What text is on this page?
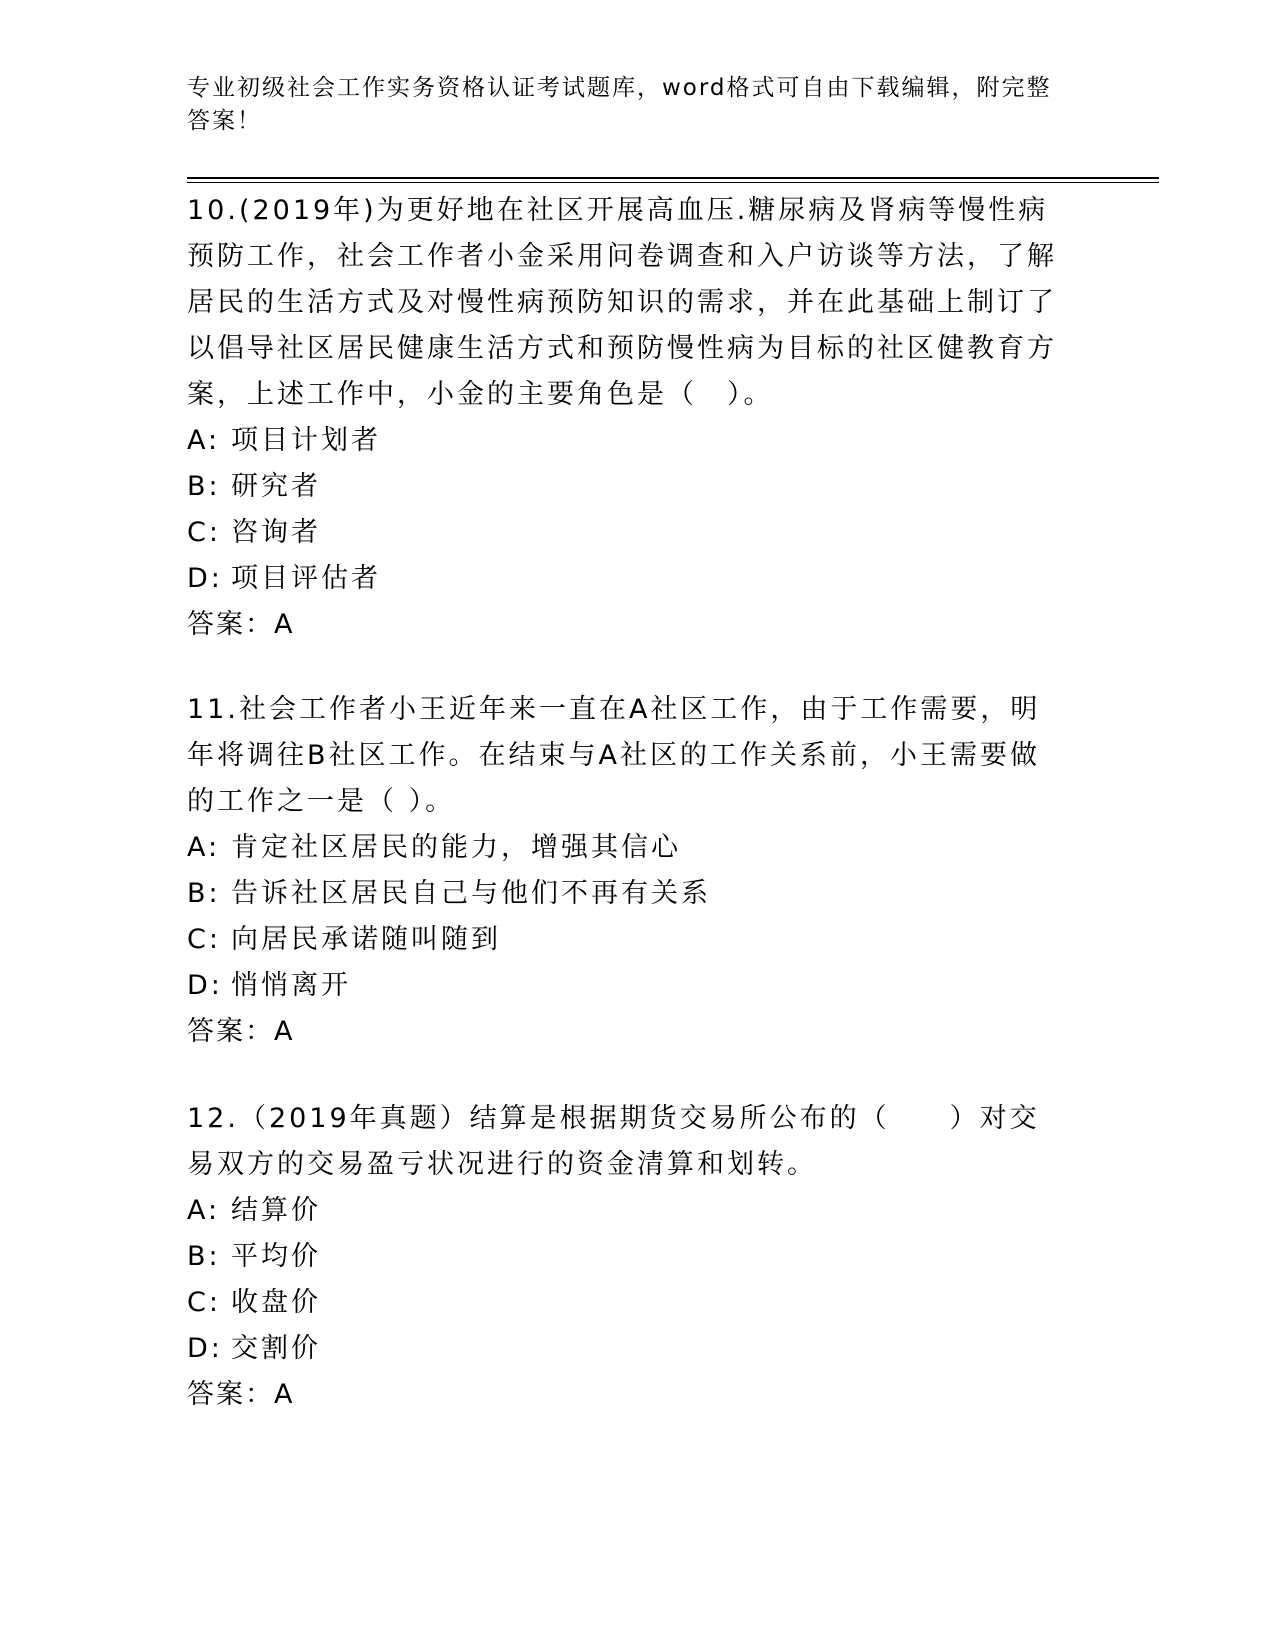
专业初级社会工作实务资格认证考试题库，word格式可自由下载编辑，附完整答案！

10.(2019年)为更好地在社区开展高血压.糖尿病及肾病等慢性病预防工作，社会工作者小金采用问卷调查和入户访谈等方法，了解居民的生活方式及对慢性病预防知识的需求，并在此基础上制订了以倡导社区居民健康生活方式和预防慢性病为目标的社区健教育方案，上述工作中，小金的主要角色是（　）。

A: 项目计划者

B: 研究者

C: 咨询者

D: 项目评估者

答案：A

11.社会工作者小王近年来一直在A社区工作，由于工作需要，明年将调往B社区工作。在结束与A社区的工作关系前，小王需要做的工作之一是（ ）。

A: 肯定社区居民的能力，增强其信心

B: 告诉社区居民自己与他们不再有关系

C: 向居民承诺随叫随到

D: 悄悄离开

答案：A

12.（2019年真题）结算是根据期货交易所公布的（　　）对交易双方的交易盈亏状况进行的资金清算和划转。

A: 结算价

B: 平均价

C: 收盘价

D: 交割价

答案：A
